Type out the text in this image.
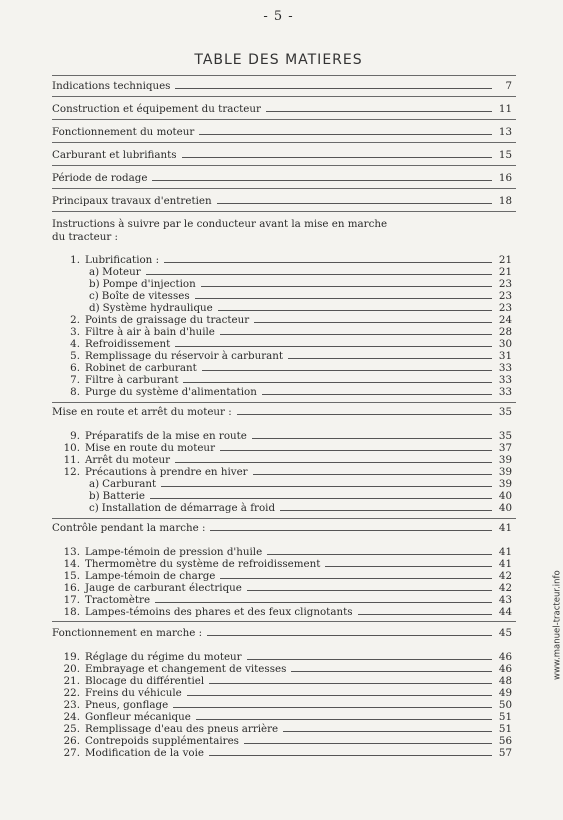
- 5 -
TABLE DES MATIERES
Indications techniques	7
Construction et équipement du tracteur	11
Fonctionnement du moteur	13
Carburant et lubrifiants	15
Période de rodage	16
Principaux travaux d'entretien	18
Instructions à suivre par le conducteur avant la mise en marche
du tracteur :
1. Lubrification :	21
a) Moteur	21
b) Pompe d'injection	23
c) Boîte de vitesses	23
d) Système hydraulique	23
2. Points de graissage du tracteur	24
3. Filtre à air à bain d'huile	28
4. Refroidissement	30
5. Remplissage du réservoir à carburant	31
6. Robinet de carburant	33
7. Filtre à carburant	33
8. Purge du système d'alimentation	33
Mise en route et arrêt du moteur :	35
9. Préparatifs de la mise en route	35
10. Mise en route du moteur	37
11. Arrêt du moteur	39
12. Précautions à prendre en hiver	39
a) Carburant	39
b) Batterie	40
c) Installation de démarrage à froid	40
Contrôle pendant la marche :	41
13. Lampe-témoin de pression d'huile	41
14. Thermomètre du système de refroidissement	41
15. Lampe-témoin de charge	42
16. Jauge de carburant électrique	42
17. Tractomètre	43
18. Lampes-témoins des phares et des feux clignotants	44
Fonctionnement en marche :	45
19. Réglage du régime du moteur	46
20. Embrayage et changement de vitesses	46
21. Blocage du différentiel	48
22. Freins du véhicule	49
23. Pneus, gonflage	50
24. Gonfleur mécanique	51
25. Remplissage d'eau des pneus arrière	51
26. Contrepoids supplémentaires	56
27. Modification de la voie	57
www.manuel-tracteur.info
